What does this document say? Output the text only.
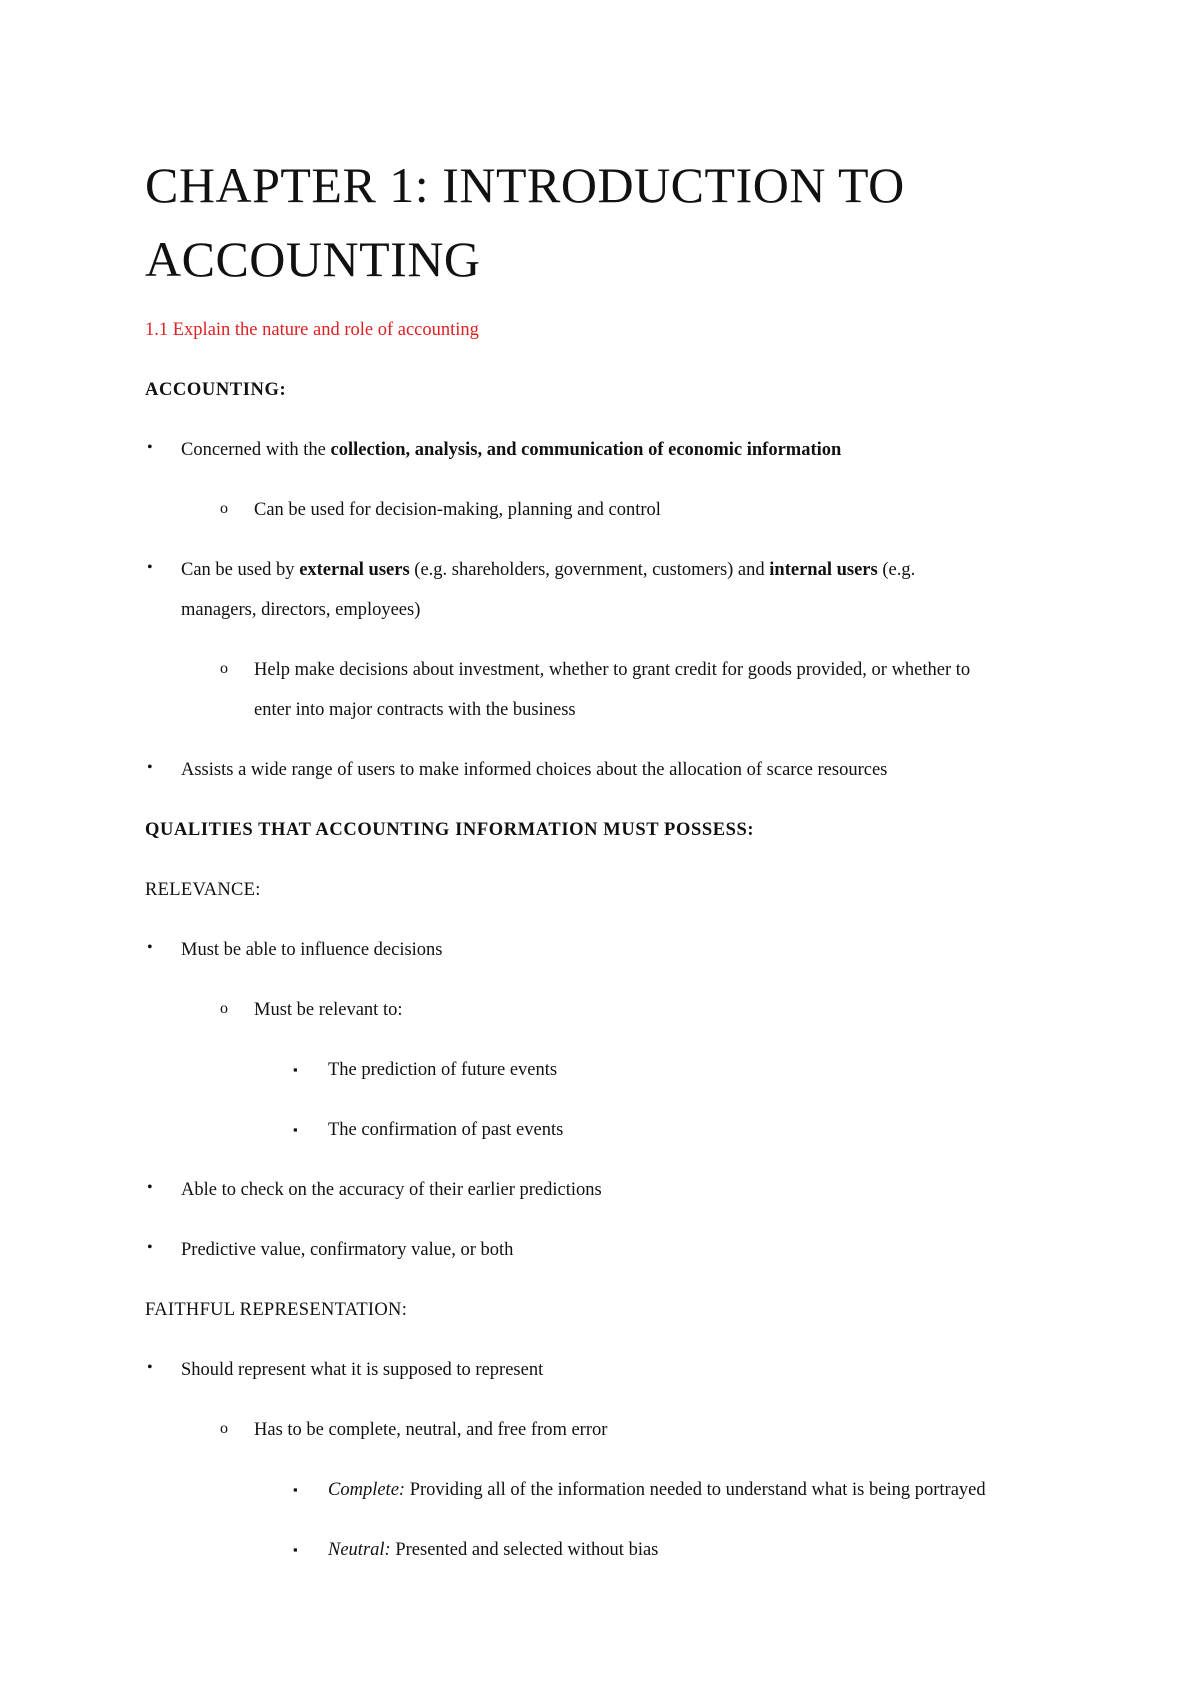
CHAPTER 1: INTRODUCTION TO ACCOUNTING

1.1 Explain the nature and role of accounting

ACCOUNTING:

• Concerned with the collection, analysis, and communication of economic information

o Can be used for decision-making, planning and control

• Can be used by external users (e.g. shareholders, government, customers) and internal users (e.g.

managers, directors, employees)

o Help make decisions about investment, whether to grant credit for goods provided, or whether to

enter into major contracts with the business

• Assists a wide range of users to make informed choices about the allocation of scarce resources

QUALITIES THAT ACCOUNTING INFORMATION MUST POSSESS:

RELEVANCE:

• Must be able to influence decisions

o Must be relevant to:

▪ The prediction of future events

▪ The confirmation of past events

• Able to check on the accuracy of their earlier predictions

• Predictive value, confirmatory value, or both

FAITHFUL REPRESENTATION:

• Should represent what it is supposed to represent

o Has to be complete, neutral, and free from error

▪ Complete: Providing all of the information needed to understand what is being portrayed

▪ Neutral: Presented and selected without bias
